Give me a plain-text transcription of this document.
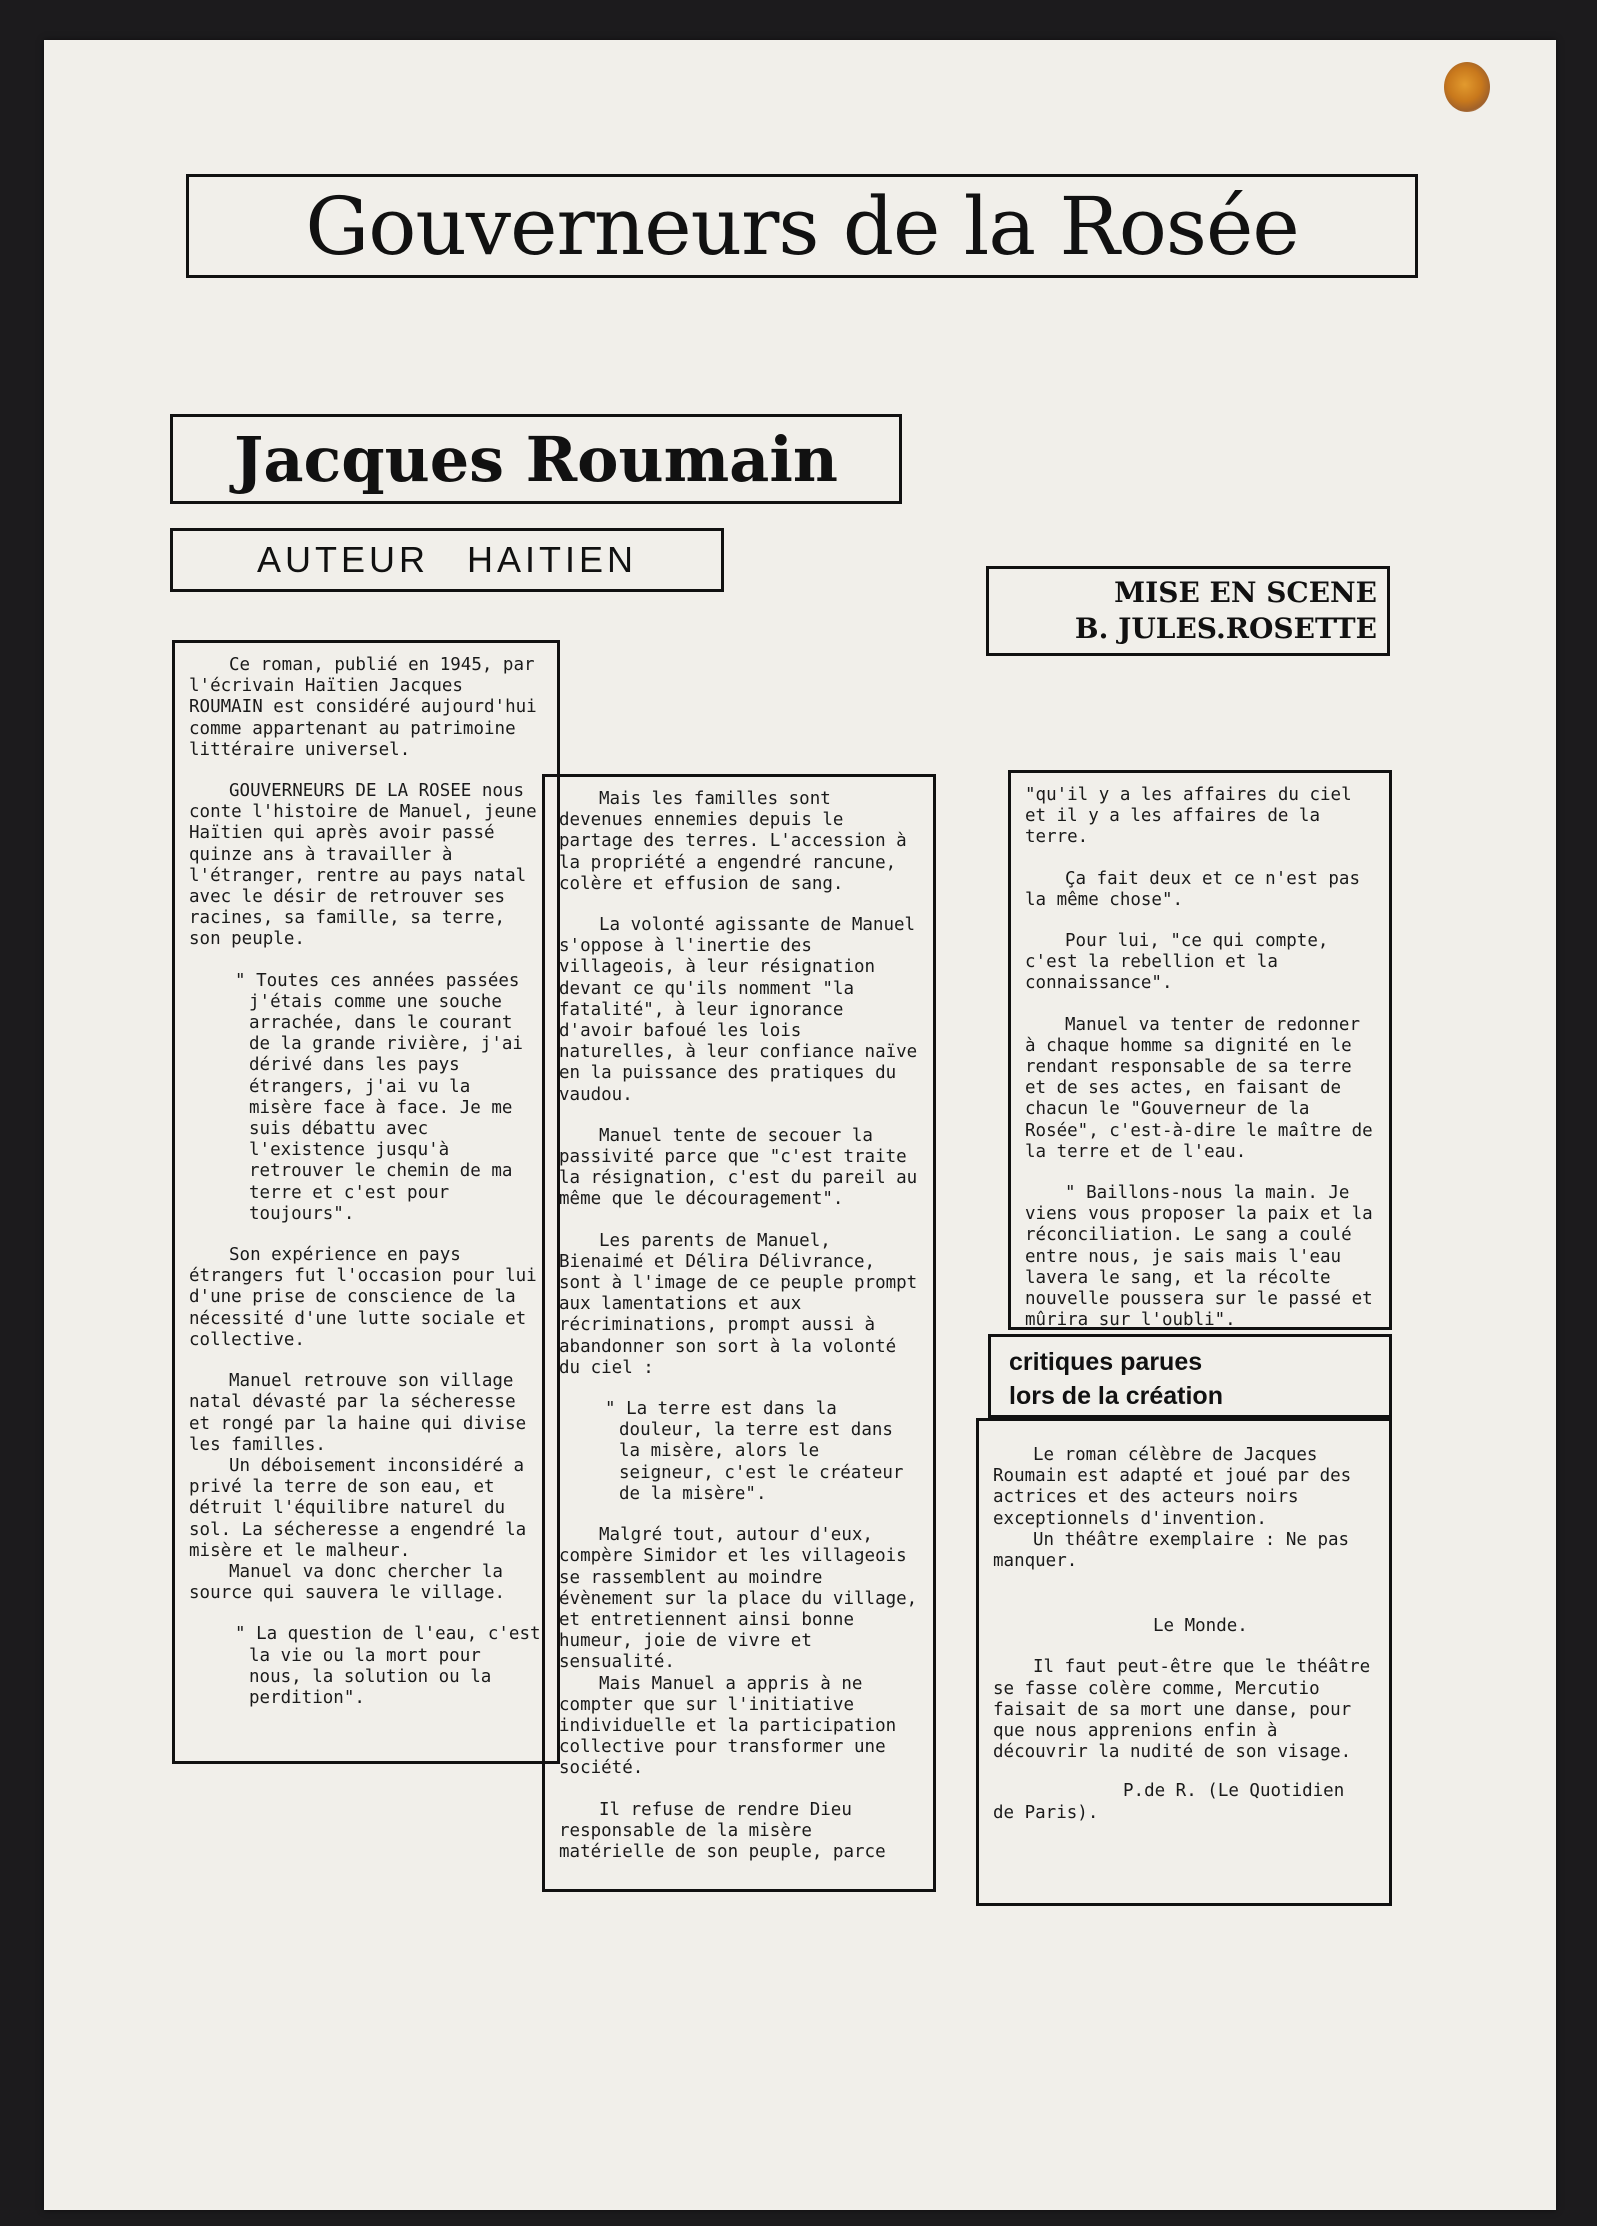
Gouverneurs de la Rosée
Jacques Roumain
AUTEUR HAITIEN
MISE EN SCENE
B. JULES.ROSETTE

Ce roman, publié en 1945, par l'écrivain Haïtien Jacques ROUMAIN est considéré aujourd'hui comme appartenant au patrimoine littéraire universel.

GOUVERNEURS DE LA ROSEE nous conte l'histoire de Manuel, jeune Haïtien qui après avoir passé quinze ans à travailler à l'étranger, rentre au pays natal avec le désir de retrouver ses racines, sa famille, sa terre, son peuple.

" Toutes ces années passées j'étais comme une souche arrachée, dans le courant de la grande rivière, j'ai dérivé dans les pays étrangers, j'ai vu la misère face à face. Je me suis débattu avec l'existence jusqu'à retrouver le chemin de ma terre et c'est pour toujours".

Son expérience en pays étrangers fut l'occasion pour lui d'une prise de conscience de la nécessité d'une lutte sociale et collective.

Manuel retrouve son village natal dévasté par la sécheresse et rongé par la haine qui divise les familles.

Un déboisement inconsidéré a privé la terre de son eau, et détruit l'équilibre naturel du sol. La sécheresse a engendré la misère et le malheur.

Manuel va donc chercher la source qui sauvera le village.

" La question de l'eau, c'est la vie ou la mort pour nous, la solution ou la perdition".

Mais les familles sont devenues ennemies depuis le partage des terres. L'accession à la propriété a engendré rancune, colère et effusion de sang.

La volonté agissante de Manuel s'oppose à l'inertie des villageois, à leur résignation devant ce qu'ils nomment "la fatalité", à leur ignorance d'avoir bafoué les lois naturelles, à leur confiance naïve en la puissance des pratiques du vaudou.

Manuel tente de secouer la passivité parce que "c'est traite la résignation, c'est du pareil au même que le découragement".

Les parents de Manuel, Bienaimé et Délira Délivrance, sont à l'image de ce peuple prompt aux lamentations et aux récriminations, prompt aussi à abandonner son sort à la volonté du ciel :

" La terre est dans la douleur, la terre est dans la misère, alors le seigneur, c'est le créateur de la misère".

Malgré tout, autour d'eux, compère Simidor et les villageois se rassemblent au moindre évènement sur la place du village, et entretiennent ainsi bonne humeur, joie de vivre et sensualité.

Mais Manuel a appris à ne compter que sur l'initiative individuelle et la participation collective pour transformer une société.

Il refuse de rendre Dieu responsable de la misère matérielle de son peuple, parce

"qu'il y a les affaires du ciel et il y a les affaires de la terre.

Ça fait deux et ce n'est pas la même chose".

Pour lui, "ce qui compte, c'est la rebellion et la connaissance".

Manuel va tenter de redonner à chaque homme sa dignité en le rendant responsable de sa terre et de ses actes, en faisant de chacun le "Gouverneur de la Rosée", c'est-à-dire le maître de la terre et de l'eau.

" Baillons-nous la main. Je viens vous proposer la paix et la réconciliation. Le sang a coulé entre nous, je sais mais l'eau lavera le sang, et la récolte nouvelle poussera sur le passé et mûrira sur l'oubli".

critiques parues
lors de la création

Le roman célèbre de Jacques Roumain est adapté et joué par des actrices et des acteurs noirs exceptionnels d'invention.

Un théâtre exemplaire : Ne pas manquer.

Le Monde.

Il faut peut-être que le théâtre se fasse colère comme, Mercutio faisait de sa mort une danse, pour que nous apprenions enfin à découvrir la nudité de son visage.

P.de R. (Le Quotidien

de Paris).
